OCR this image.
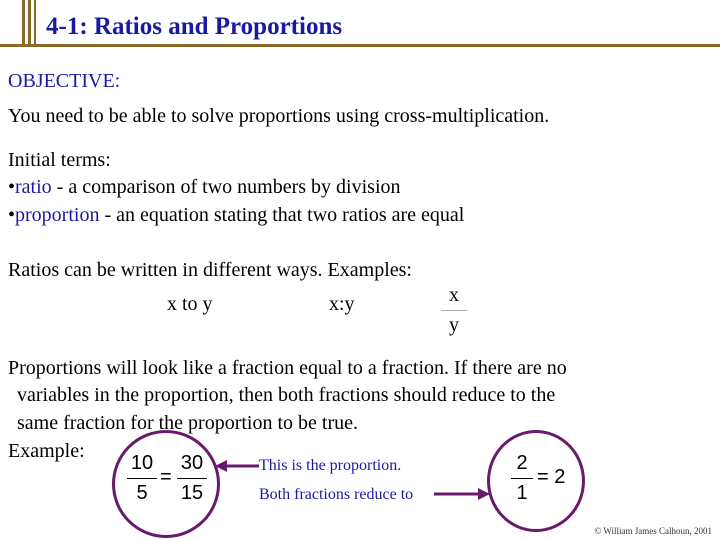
4-1: Ratios and Proportions
OBJECTIVE:
You need to be able to solve proportions using cross-multiplication.
Initial terms:
•ratio - a comparison of two numbers by division
•proportion - an equation stating that two ratios are equal
Ratios can be written in different ways. Examples:
x to y	x:y	x
y
Proportions will look like a fraction equal to a fraction. If there are no
variables in the proportion, then both fractions should reduce to the
same fraction for the proportion to be true.
Example:
10
5
=
30
15
This is the proportion.
Both fractions reduce to
2
1
= 2
© William James Calhoun, 2001
